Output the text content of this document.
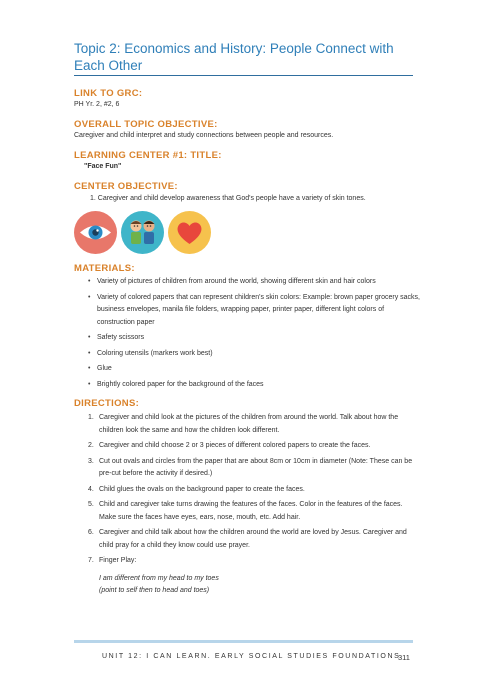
Topic 2: Economics and History: People Connect with Each Other
LINK TO GRC:
PH Yr. 2, #2, 6
OVERALL TOPIC OBJECTIVE:
Caregiver and child interpret and study connections between people and resources.
LEARNING CENTER #1: TITLE:
"Face Fun"
CENTER OBJECTIVE:
1. Caregiver and child develop awareness that God's people have a variety of skin tones.
MATERIALS:
• Variety of pictures of children from around the world, showing different skin and hair colors
• Variety of colored papers that can represent children's skin colors: Example: brown paper grocery sacks, business envelopes, manila file folders, wrapping paper, printer paper, different light colors of construction paper
• Safety scissors
• Coloring utensils (markers work best)
• Glue
• Brightly colored paper for the background of the faces
DIRECTIONS:
1. Caregiver and child look at the pictures of the children from around the world. Talk about how the children look the same and how the children look different.
2. Caregiver and child choose 2 or 3 pieces of different colored papers to create the faces.
3. Cut out ovals and circles from the paper that are about 8cm or 10cm in diameter (Note: These can be pre-cut before the activity if desired.)
4. Child glues the ovals on the background paper to create the faces.
5. Child and caregiver take turns drawing the features of the faces. Color in the features of the faces. Make sure the faces have eyes, ears, nose, mouth, etc. Add hair.
6. Caregiver and child talk about how the children around the world are loved by Jesus. Caregiver and child pray for a child they know could use prayer.
7. Finger Play:
I am different from my head to my toes
(point to self then to head and toes)
UNIT 12: I CAN LEARN. EARLY SOCIAL STUDIES FOUNDATIONS
311
